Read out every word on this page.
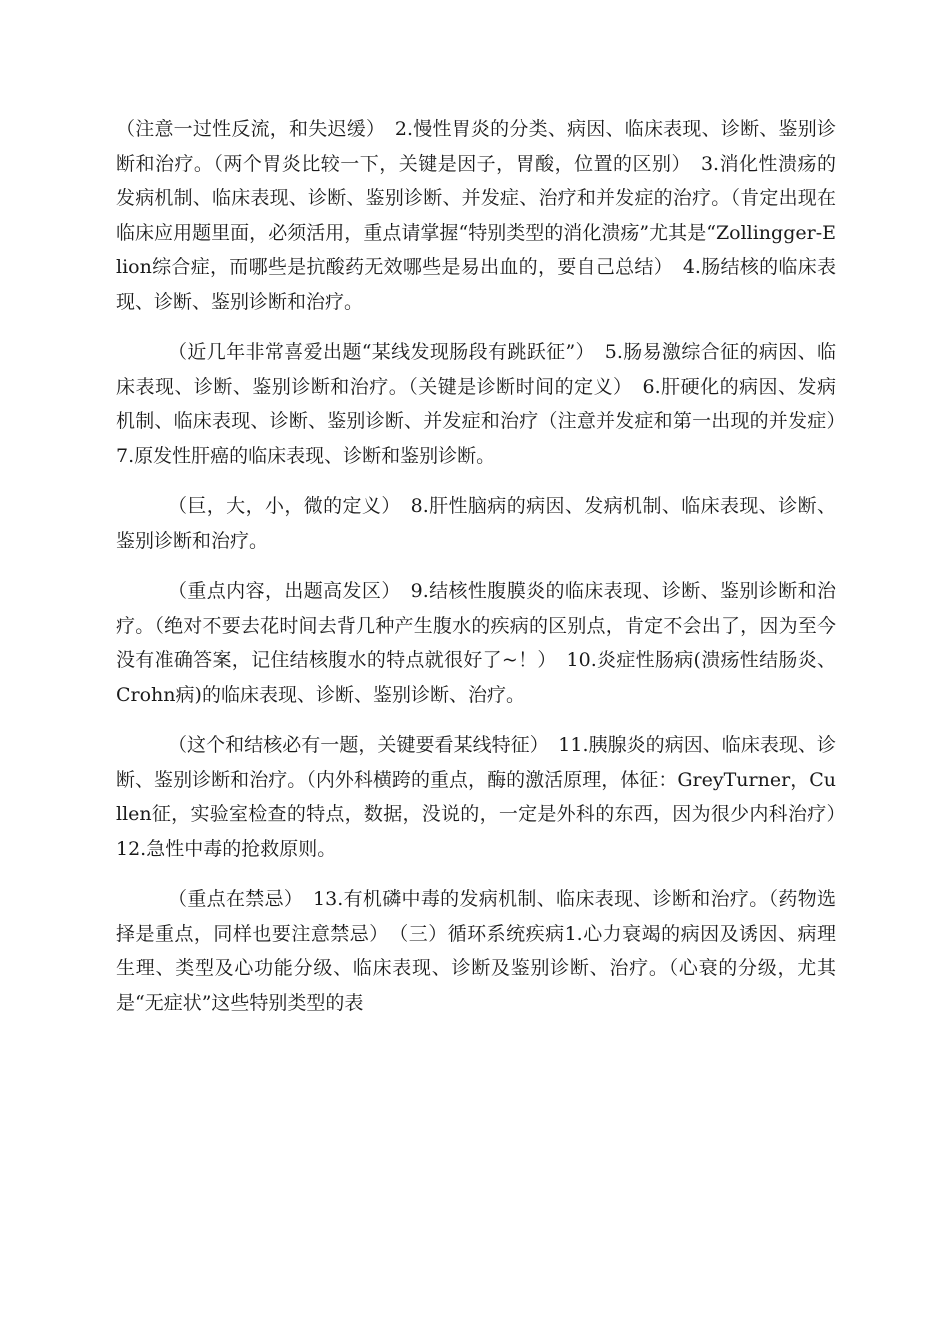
（注意一过性反流，和失迟缓）　2.慢性胃炎的分类、病因、临床表现、诊断、鉴别诊断和治疗。（两个胃炎比较一下，关键是因子，胃酸，位置的区别）　3.消化性溃疡的发病机制、临床表现、诊断、鉴别诊断、并发症、治疗和并发症的治疗。（肯定出现在临床应用题里面，必须活用，重点请掌握“特别类型的消化溃疡”尤其是“Zollingger-Elion综合症，而哪些是抗酸药无效哪些是易出血的，要自己总结）　4.肠结核的临床表现、诊断、鉴别诊断和治疗。

（近几年非常喜爱出题“某线发现肠段有跳跃征”）　5.肠易激综合征的病因、临床表现、诊断、鉴别诊断和治疗。（关键是诊断时间的定义）　6.肝硬化的病因、发病机制、临床表现、诊断、鉴别诊断、并发症和治疗（注意并发症和第一出现的并发症）　7.原发性肝癌的临床表现、诊断和鉴别诊断。

（巨，大，小，微的定义）　8.肝性脑病的病因、发病机制、临床表现、诊断、鉴别诊断和治疗。

（重点内容，出题高发区）　9.结核性腹膜炎的临床表现、诊断、鉴别诊断和治疗。（绝对不要去花时间去背几种产生腹水的疾病的区别点，肯定不会出了，因为至今没有准确答案，记住结核腹水的特点就很好了~！）　10.炎症性肠病(溃疡性结肠炎、Crohn病)的临床表现、诊断、鉴别诊断、治疗。

（这个和结核必有一题，关键要看某线特征）　11.胰腺炎的病因、临床表现、诊断、鉴别诊断和治疗。（内外科横跨的重点，酶的激活原理，体征：GreyTurner，Cullen征，实验室检查的特点，数据，没说的，一定是外科的东西，因为很少内科治疗）　12.急性中毒的抢救原则。

（重点在禁忌）　13.有机磷中毒的发病机制、临床表现、诊断和治疗。（药物选择是重点，同样也要注意禁忌）　（三）循环系统疾病1.心力衰竭的病因及诱因、病理生理、类型及心功能分级、临床表现、诊断及鉴别诊断、治疗。（心衰的分级，尤其是“无症状”这些特别类型的表
